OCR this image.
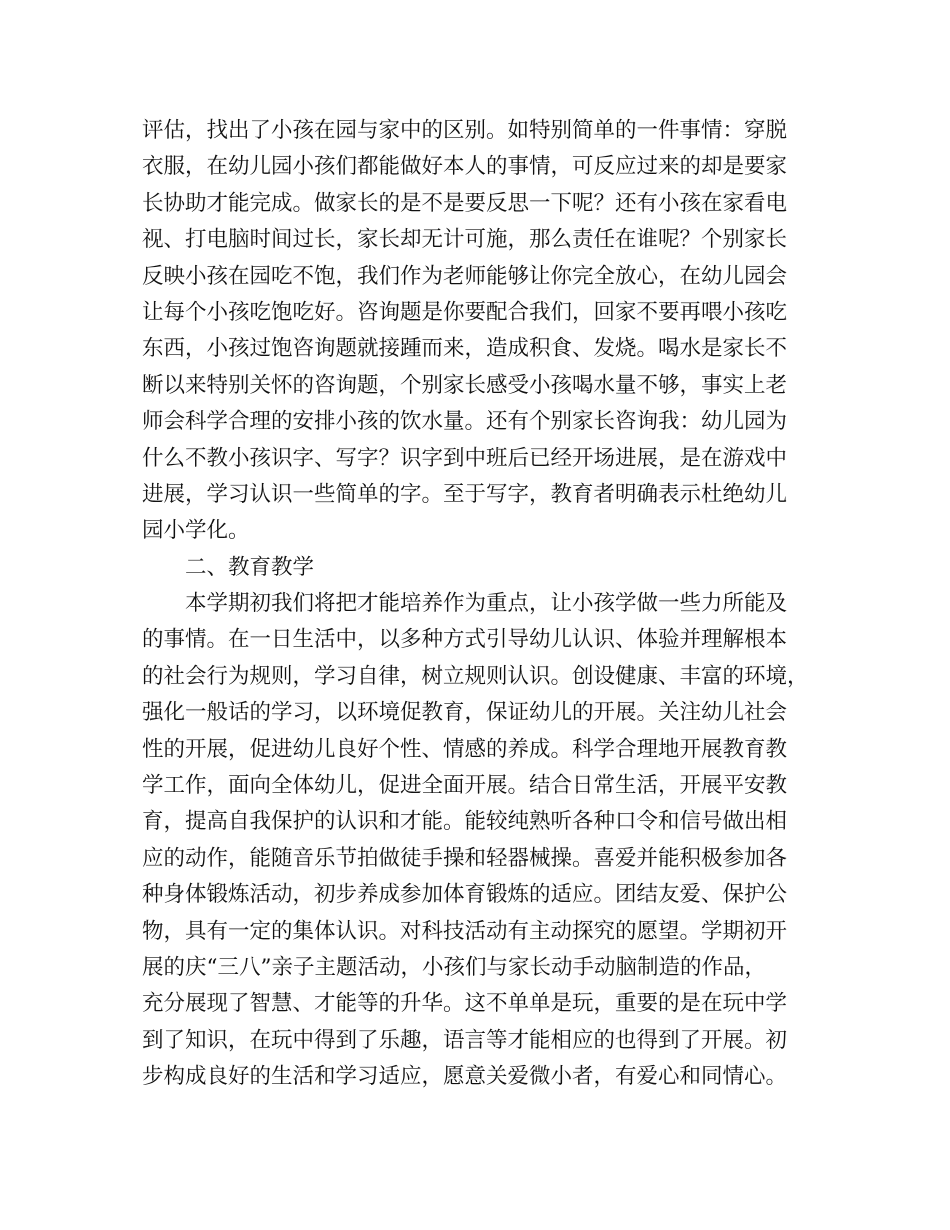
评估，找出了小孩在园与家中的区别。如特别简单的一件事情：穿脱
衣服，在幼儿园小孩们都能做好本人的事情，可反应过来的却是要家
长协助才能完成。做家长的是不是要反思一下呢？还有小孩在家看电
视、打电脑时间过长，家长却无计可施，那么责任在谁呢？个别家长
反映小孩在园吃不饱，我们作为老师能够让你完全放心，在幼儿园会
让每个小孩吃饱吃好。咨询题是你要配合我们，回家不要再喂小孩吃
东西，小孩过饱咨询题就接踵而来，造成积食、发烧。喝水是家长不
断以来特别关怀的咨询题，个别家长感受小孩喝水量不够，事实上老
师会科学合理的安排小孩的饮水量。还有个别家长咨询我：幼儿园为
什么不教小孩识字、写字？识字到中班后已经开场进展，是在游戏中
进展，学习认识一些简单的字。至于写字，教育者明确表示杜绝幼儿
园小学化。
二、教育教学
本学期初我们将把才能培养作为重点，让小孩学做一些力所能及
的事情。在一日生活中，以多种方式引导幼儿认识、体验并理解根本
的社会行为规则，学习自律，树立规则认识。创设健康、丰富的环境，
强化一般话的学习，以环境促教育，保证幼儿的开展。关注幼儿社会
性的开展，促进幼儿良好个性、情感的养成。科学合理地开展教育教
学工作，面向全体幼儿，促进全面开展。结合日常生活，开展平安教
育，提高自我保护的认识和才能。能较纯熟听各种口令和信号做出相
应的动作，能随音乐节拍做徒手操和轻器械操。喜爱并能积极参加各
种身体锻炼活动，初步养成参加体育锻炼的适应。团结友爱、保护公
物，具有一定的集体认识。对科技活动有主动探究的愿望。学期初开
展的庆“三八”亲子主题活动，小孩们与家长动手动脑制造的作品，
充分展现了智慧、才能等的升华。这不单单是玩，重要的是在玩中学
到了知识，在玩中得到了乐趣，语言等才能相应的也得到了开展。初
步构成良好的生活和学习适应，愿意关爱微小者，有爱心和同情心。
